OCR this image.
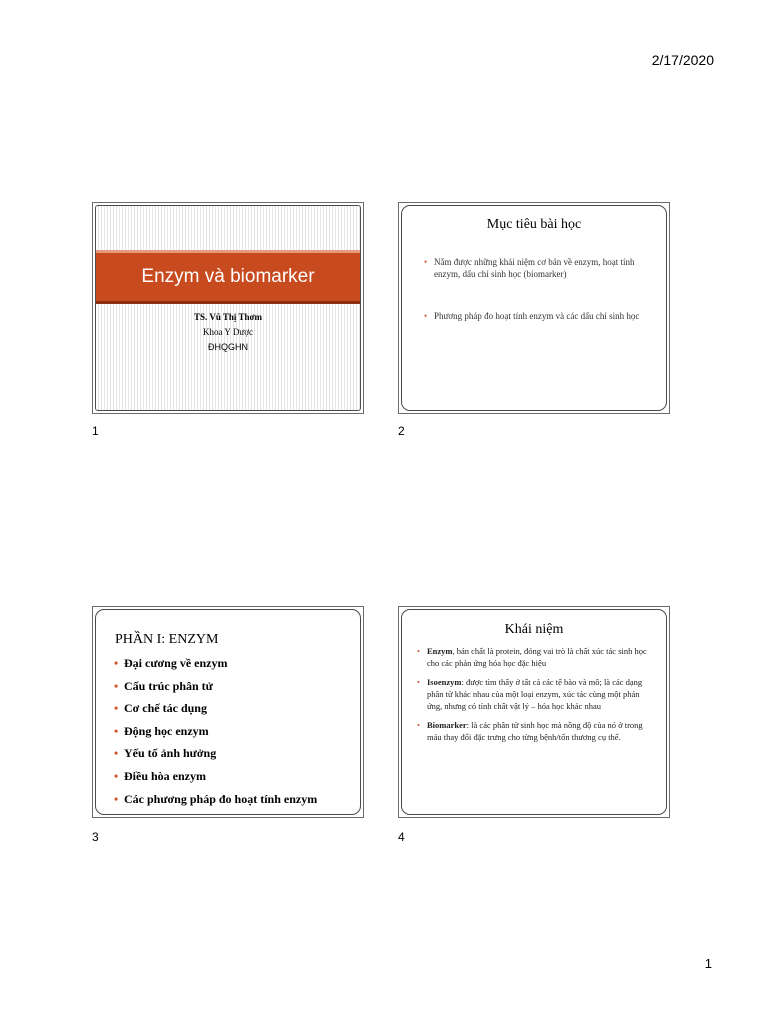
2/17/2020
Enzym và biomarker
TS. Vũ Thị Thơm
Khoa Y Dược
ĐHQGHN
1
Mục tiêu bài học
• Nắm được những khái niệm cơ bản về enzym, hoạt tính enzym, dấu chỉ sinh học (biomarker)
• Phương pháp đo hoạt tính enzym và các dấu chỉ sinh học
2
PHẦN I: ENZYM
• Đại cương về enzym
• Cấu trúc phân tử
• Cơ chế tác dụng
• Động học enzym
• Yếu tố ảnh hưởng
• Điều hòa enzym
• Các phương pháp đo hoạt tính enzym
3
Khái niệm
• Enzym, bản chất là protein, đóng vai trò là chất xúc tác sinh học cho các phản ứng hóa học đặc hiệu
• Isoenzym: được tìm thấy ở tất cả các tế bào và mô; là các dạng phân tử khác nhau của một loại enzym, xúc tác cùng một phản ứng, nhưng có tính chất vật lý – hóa học khác nhau
• Biomarker: là các phân tử sinh học mà nồng độ của nó ở trong máu thay đổi đặc trưng cho từng bệnh/tổn thương cụ thể.
4
1
